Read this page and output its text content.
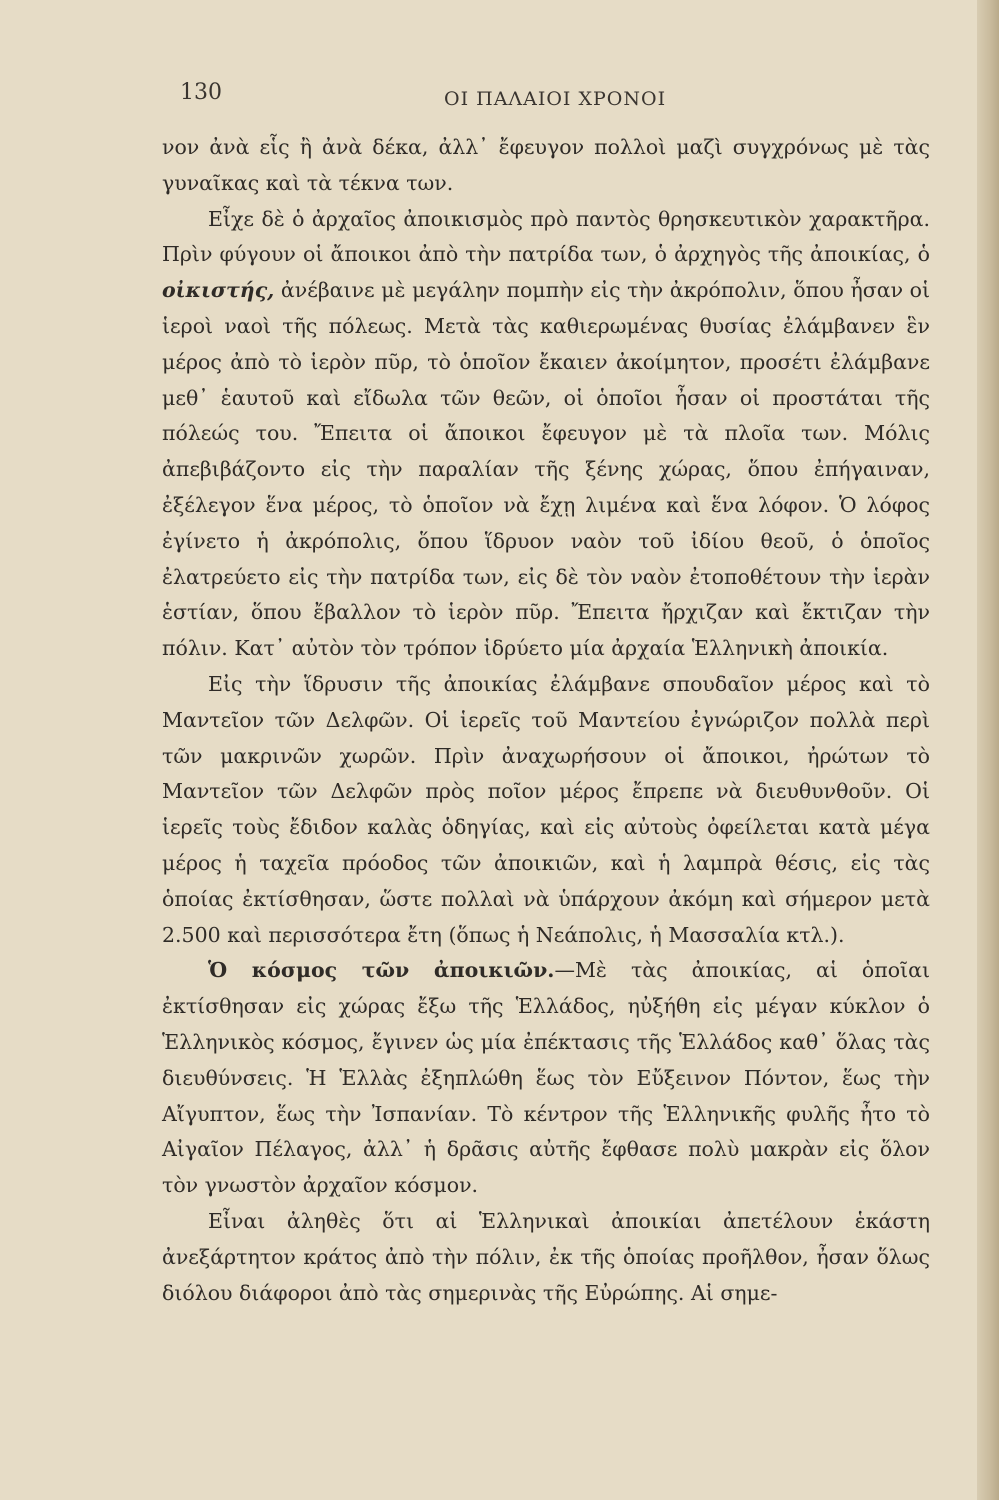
130	ΟΙ ΠΑΛΑΙΟΙ ΧΡΟΝΟΙ

νον ἀνὰ εἷς ἢ ἀνὰ δέκα, ἀλλ᾽ ἔφευγον πολλοὶ μαζὶ συγχρόνως μὲ τὰς γυναῖκας καὶ τὰ τέκνα των.

Εἶχε δὲ ὁ ἀρχαῖος ἀποικισμὸς πρὸ παντὸς θρησκευτικὸν χαρακτῆρα. Πρὶν φύγουν οἱ ἄποικοι ἀπὸ τὴν πατρίδα των, ὁ ἀρχηγὸς τῆς ἀποικίας, ὁ οἰκιστής, ἀνέβαινε μὲ μεγάλην πομπὴν εἰς τὴν ἀκρόπολιν, ὅπου ἦσαν οἱ ἱεροὶ ναοὶ τῆς πόλεως. Μετὰ τὰς καθιερωμένας θυσίας ἐλάμβανεν ἓν μέρος ἀπὸ τὸ ἱερὸν πῦρ, τὸ ὁποῖον ἔκαιεν ἀκοίμητον, προσέτι ἐλάμβανε μεθ᾽ ἑαυτοῦ καὶ εἴδωλα τῶν θεῶν, οἱ ὁποῖοι ἦσαν οἱ προστάται τῆς πόλεώς του. Ἔπειτα οἱ ἄποικοι ἔφευγον μὲ τὰ πλοῖα των. Μόλις ἀπεβιβάζοντο εἰς τὴν παραλίαν τῆς ξένης χώρας, ὅπου ἐπήγαιναν, ἐξέλεγον ἕνα μέρος, τὸ ὁποῖον νὰ ἔχῃ λιμένα καὶ ἕνα λόφον. Ὁ λόφος ἐγίνετο ἡ ἀκρόπολις, ὅπου ἵδρυον ναὸν τοῦ ἰδίου θεοῦ, ὁ ὁποῖος ἐλατρεύετο εἰς τὴν πατρίδα των, εἰς δὲ τὸν ναὸν ἐτοποθέτουν τὴν ἱερὰν ἑστίαν, ὅπου ἔβαλλον τὸ ἱερὸν πῦρ. Ἔπειτα ἤρχιζαν καὶ ἔκτιζαν τὴν πόλιν. Κατ᾽ αὐτὸν τὸν τρόπον ἱδρύετο μία ἀρχαία Ἑλληνικὴ ἀποικία.

Εἰς τὴν ἵδρυσιν τῆς ἀποικίας ἐλάμβανε σπουδαῖον μέρος καὶ τὸ Μαντεῖον τῶν Δελφῶν. Οἱ ἱερεῖς τοῦ Μαντείου ἐγνώριζον πολλὰ περὶ τῶν μακρινῶν χωρῶν. Πρὶν ἀναχωρήσουν οἱ ἄποικοι, ἠρώτων τὸ Μαντεῖον τῶν Δελφῶν πρὸς ποῖον μέρος ἔπρεπε νὰ διευθυνθοῦν. Οἱ ἱερεῖς τοὺς ἔδιδον καλὰς ὁδηγίας, καὶ εἰς αὐτοὺς ὀφείλεται κατὰ μέγα μέρος ἡ ταχεῖα πρόοδος τῶν ἀποικιῶν, καὶ ἡ λαμπρὰ θέσις, εἰς τὰς ὁποίας ἐκτίσθησαν, ὥστε πολλαὶ νὰ ὑπάρχουν ἀκόμη καὶ σήμερον μετὰ 2.500 καὶ περισσότερα ἔτη (ὅπως ἡ Νεάπολις, ἡ Μασσαλία κτλ.).

Ὁ κόσμος τῶν ἀποικιῶν.—Μὲ τὰς ἀποικίας, αἱ ὁποῖαι ἐκτίσθησαν εἰς χώρας ἔξω τῆς Ἑλλάδος, ηὐξήθη εἰς μέγαν κύκλον ὁ Ἑλληνικὸς κόσμος, ἔγινεν ὡς μία ἐπέκτασις τῆς Ἑλλάδος καθ᾽ ὅλας τὰς διευθύνσεις. Ἡ Ἑλλὰς ἐξηπλώθη ἕως τὸν Εὔξεινον Πόντον, ἕως τὴν Αἴγυπτον, ἕως τὴν Ἰσπανίαν. Τὸ κέντρον τῆς Ἑλληνικῆς φυλῆς ἦτο τὸ Αἰγαῖον Πέλαγος, ἀλλ᾽ ἡ δρᾶσις αὐτῆς ἔφθασε πολὺ μακρὰν εἰς ὅλον τὸν γνωστὸν ἀρχαῖον κόσμον.

Εἶναι ἀληθὲς ὅτι αἱ Ἑλληνικαὶ ἀποικίαι ἀπετέλουν ἑκάστη ἀνεξάρτητον κράτος ἀπὸ τὴν πόλιν, ἐκ τῆς ὁποίας προῆλθον, ἦσαν ὅλως διόλου διάφοροι ἀπὸ τὰς σημερινὰς τῆς Εὐρώπης. Αἱ σημε-
